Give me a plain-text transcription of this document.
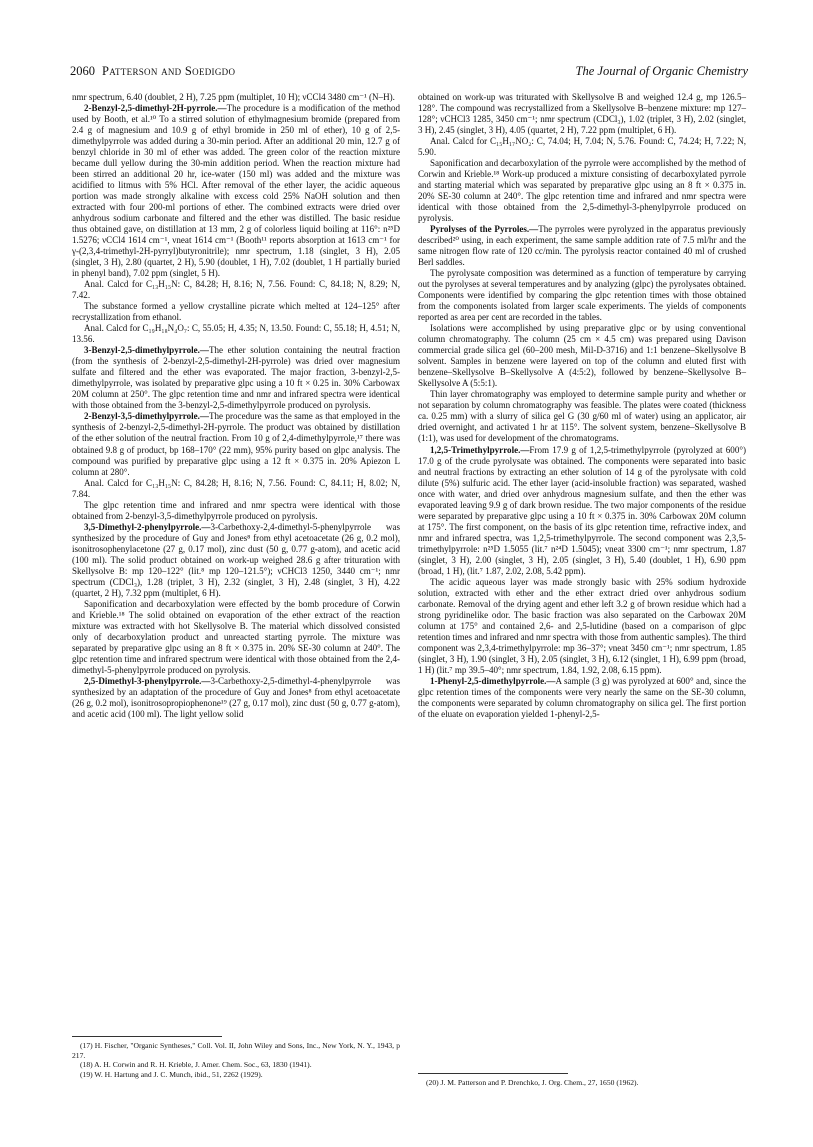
2060 Patterson and Soedigdo	The Journal of Organic Chemistry

nmr spectrum, 6.40 (doublet, 2 H), 7.25 ppm (multiplet, 10 H); νCCl4 3480 cm⁻¹ (N–H).

2-Benzyl-2,5-dimethyl-2H-pyrrole.—The procedure is a modification of the method used by Booth, et al.¹⁰ To a stirred solution of ethylmagnesium bromide (prepared from 2.4 g of magnesium and 10.9 g of ethyl bromide in 250 ml of ether), 10 g of 2,5-dimethylpyrrole was added during a 30-min period. After an additional 20 min, 12.7 g of benzyl chloride in 30 ml of ether was added. The green color of the reaction mixture became dull yellow during the 30-min addition period. When the reaction mixture had been stirred an additional 20 hr, ice-water (150 ml) was added and the mixture was acidified to litmus with 5% HCl. After removal of the ether layer, the acidic aqueous portion was made strongly alkaline with excess cold 25% NaOH solution and then extracted with four 200-ml portions of ether. The combined extracts were dried over anhydrous sodium carbonate and filtered and the ether was distilled. The basic residue thus obtained gave, on distillation at 13 mm, 2 g of colorless liquid boiling at 116°: n²⁵D 1.5276; νCCl4 1614 cm⁻¹, νneat 1614 cm⁻¹ (Booth¹¹ reports absorption at 1613 cm⁻¹ for γ-(2,3,4-trimethyl-2H-pyrryl)butyronitrile); nmr spectrum, 1.18 (singlet, 3 H), 2.05 (singlet, 3 H), 2.80 (quartet, 2 H), 5.90 (doublet, 1 H), 7.02 (doublet, 1 H partially buried in phenyl band), 7.02 ppm (singlet, 5 H).

Anal. Calcd for C₁₃H₁₅N: C, 84.28; H, 8.16; N, 7.56. Found: C, 84.18; N, 8.29; N, 7.42.

The substance formed a yellow crystalline picrate which melted at 124–125° after recrystallization from ethanol.

Anal. Calcd for C₁₉H₁₈N₄O₇: C, 55.05; H, 4.35; N, 13.50. Found: C, 55.18; H, 4.51; N, 13.56.

3-Benzyl-2,5-dimethylpyrrole.—The ether solution containing the neutral fraction (from the synthesis of 2-benzyl-2,5-dimethyl-2H-pyrrole) was dried over magnesium sulfate and filtered and the ether was evaporated. The major fraction, 3-benzyl-2,5-dimethylpyrrole, was isolated by preparative glpc using a 10 ft × 0.25 in. 30% Carbowax 20M column at 250°. The glpc retention time and nmr and infrared spectra were identical with those obtained from the 3-benzyl-2,5-dimethylpyrrole produced on pyrolysis.

2-Benzyl-3,5-dimethylpyrrole.—The procedure was the same as that employed in the synthesis of 2-benzyl-2,5-dimethyl-2H-pyrrole. The product was obtained by distillation of the ether solution of the neutral fraction. From 10 g of 2,4-dimethylpyrrole,¹⁷ there was obtained 9.8 g of product, bp 168–170° (22 mm), 95% purity based on glpc analysis. The compound was purified by preparative glpc using a 12 ft × 0.375 in. 20% Apiezon L column at 280°.

Anal. Calcd for C₁₃H₁₅N: C, 84.28; H, 8.16; N, 7.56. Found: C, 84.11; H, 8.02; N, 7.84.

The glpc retention time and infrared and nmr spectra were identical with those obtained from 2-benzyl-3,5-dimethylpyrrole produced on pyrolysis.

3,5-Dimethyl-2-phenylpyrrole.—3-Carbethoxy-2,4-dimethyl-5-phenylpyrrole was synthesized by the procedure of Guy and Jones⁸ from ethyl acetoacetate (26 g, 0.2 mol), isonitrosophenylacetone (27 g, 0.17 mol), zinc dust (50 g, 0.77 g-atom), and acetic acid (100 ml). The solid product obtained on work-up weighed 28.6 g after trituration with Skellysolve B: mp 120–122° (lit.⁸ mp 120–121.5°); νCHCl3 1250, 3440 cm⁻¹; nmr spectrum (CDCl₃), 1.28 (triplet, 3 H), 2.32 (singlet, 3 H), 2.48 (singlet, 3 H), 4.22 (quartet, 2 H), 7.32 ppm (multiplet, 6 H).

Saponification and decarboxylation were effected by the bomb procedure of Corwin and Krieble.¹⁸ The solid obtained on evaporation of the ether extract of the reaction mixture was extracted with hot Skellysolve B. The material which dissolved consisted only of decarboxylation product and unreacted starting pyrrole. The mixture was separated by preparative glpc using an 8 ft × 0.375 in. 20% SE-30 column at 240°. The glpc retention time and infrared spectrum were identical with those obtained from the 2,4-dimethyl-5-phenylpyrrole produced on pyrolysis.

2,5-Dimethyl-3-phenylpyrrole.—3-Carbethoxy-2,5-dimethyl-4-phenylpyrrole was synthesized by an adaptation of the procedure of Guy and Jones⁸ from ethyl acetoacetate (26 g, 0.2 mol), isonitrosopropiophenone¹⁹ (27 g, 0.17 mol), zinc dust (50 g, 0.77 g-atom), and acetic acid (100 ml). The light yellow solid

obtained on work-up was triturated with Skellysolve B and weighed 12.4 g, mp 126.5–128°. The compound was recrystallized from a Skellysolve B–benzene mixture: mp 127–128°; νCHCl3 1285, 3450 cm⁻¹; nmr spectrum (CDCl₃), 1.02 (triplet, 3 H), 2.02 (singlet, 3 H), 2.45 (singlet, 3 H), 4.05 (quartet, 2 H), 7.22 ppm (multiplet, 6 H).

Anal. Calcd for C₁₅H₁₇NO₂: C, 74.04; H, 7.04; N, 5.76. Found: C, 74.24; H, 7.22; N, 5.90.

Saponification and decarboxylation of the pyrrole were accomplished by the method of Corwin and Krieble.¹⁸ Work-up produced a mixture consisting of decarboxylated pyrrole and starting material which was separated by preparative glpc using an 8 ft × 0.375 in. 20% SE-30 column at 240°. The glpc retention time and infrared and nmr spectra were identical with those obtained from the 2,5-dimethyl-3-phenylpyrrole produced on pyrolysis.

Pyrolyses of the Pyrroles.—The pyrroles were pyrolyzed in the apparatus previously described²⁰ using, in each experiment, the same sample addition rate of 7.5 ml/hr and the same nitrogen flow rate of 120 cc/min. The pyrolysis reactor contained 40 ml of crushed Berl saddles.

The pyrolysate composition was determined as a function of temperature by carrying out the pyrolyses at several temperatures and by analyzing (glpc) the pyrolysates obtained. Components were identified by comparing the glpc retention times with those obtained from the components isolated from larger scale experiments. The yields of components reported as area per cent are recorded in the tables.

Isolations were accomplished by using preparative glpc or by using conventional column chromatography. The column (25 cm × 4.5 cm) was prepared using Davison commercial grade silica gel (60–200 mesh, Mil-D-3716) and 1:1 benzene–Skellysolve B solvent. Samples in benzene were layered on top of the column and eluted first with benzene–Skellysolve B–Skellysolve A (4:5:2), followed by benzene–Skellysolve B–Skellysolve A (5:5:1).

Thin layer chromatography was employed to determine sample purity and whether or not separation by column chromatography was feasible. The plates were coated (thickness ca. 0.25 mm) with a slurry of silica gel G (30 g/60 ml of water) using an applicator, air dried overnight, and activated 1 hr at 115°. The solvent system, benzene–Skellysolve B (1:1), was used for development of the chromatograms.

1,2,5-Trimethylpyrrole.—From 17.9 g of 1,2,5-trimethylpyrrole (pyrolyzed at 600°) 17.0 g of the crude pyrolysate was obtained. The components were separated into basic and neutral fractions by extracting an ether solution of 14 g of the pyrolysate with cold dilute (5%) sulfuric acid. The ether layer (acid-insoluble fraction) was separated, washed once with water, and dried over anhydrous magnesium sulfate, and then the ether was evaporated leaving 9.9 g of dark brown residue. The two major components of the residue were separated by preparative glpc using a 10 ft × 0.375 in. 30% Carbowax 20M column at 175°. The first component, on the basis of its glpc retention time, refractive index, and nmr and infrared spectra, was 1,2,5-trimethylpyrrole. The second component was 2,3,5-trimethylpyrrole: n²⁵D 1.5055 (lit.⁷ n²⁴D 1.5045); νneat 3300 cm⁻¹; nmr spectrum, 1.87 (singlet, 3 H), 2.00 (singlet, 3 H), 2.05 (singlet, 3 H), 5.40 (doublet, 1 H), 6.90 ppm (broad, 1 H), (lit.⁷ 1.87, 2.02, 2.08, 5.42 ppm).

The acidic aqueous layer was made strongly basic with 25% sodium hydroxide solution, extracted with ether and the ether extract dried over anhydrous sodium carbonate. Removal of the drying agent and ether left 3.2 g of brown residue which had a strong pyridinelike odor. The basic fraction was also separated on the Carbowax 20M column at 175° and contained 2,6- and 2,5-lutidine (based on a comparison of glpc retention times and infrared and nmr spectra with those from authentic samples). The third component was 2,3,4-trimethylpyrrole: mp 36–37°; νneat 3450 cm⁻¹; nmr spectrum, 1.85 (singlet, 3 H), 1.90 (singlet, 3 H), 2.05 (singlet, 3 H), 6.12 (singlet, 1 H), 6.99 ppm (broad, 1 H) (lit.⁷ mp 39.5–40°; nmr spectrum, 1.84, 1.92, 2.08, 6.15 ppm).

1-Phenyl-2,5-dimethylpyrrole.—A sample (3 g) was pyrolyzed at 600° and, since the glpc retention times of the components were very nearly the same on the SE-30 column, the components were separated by column chromatography on silica gel. The first portion of the eluate on evaporation yielded 1-phenyl-2,5-

(17) H. Fischer, "Organic Syntheses," Coll. Vol. II, John Wiley and Sons, Inc., New York, N. Y., 1943, p 217.

(18) A. H. Corwin and R. H. Krieble, J. Amer. Chem. Soc., 63, 1830 (1941).

(19) W. H. Hartung and J. C. Munch, ibid., 51, 2262 (1929).

(20) J. M. Patterson and P. Drenchko, J. Org. Chem., 27, 1650 (1962).
